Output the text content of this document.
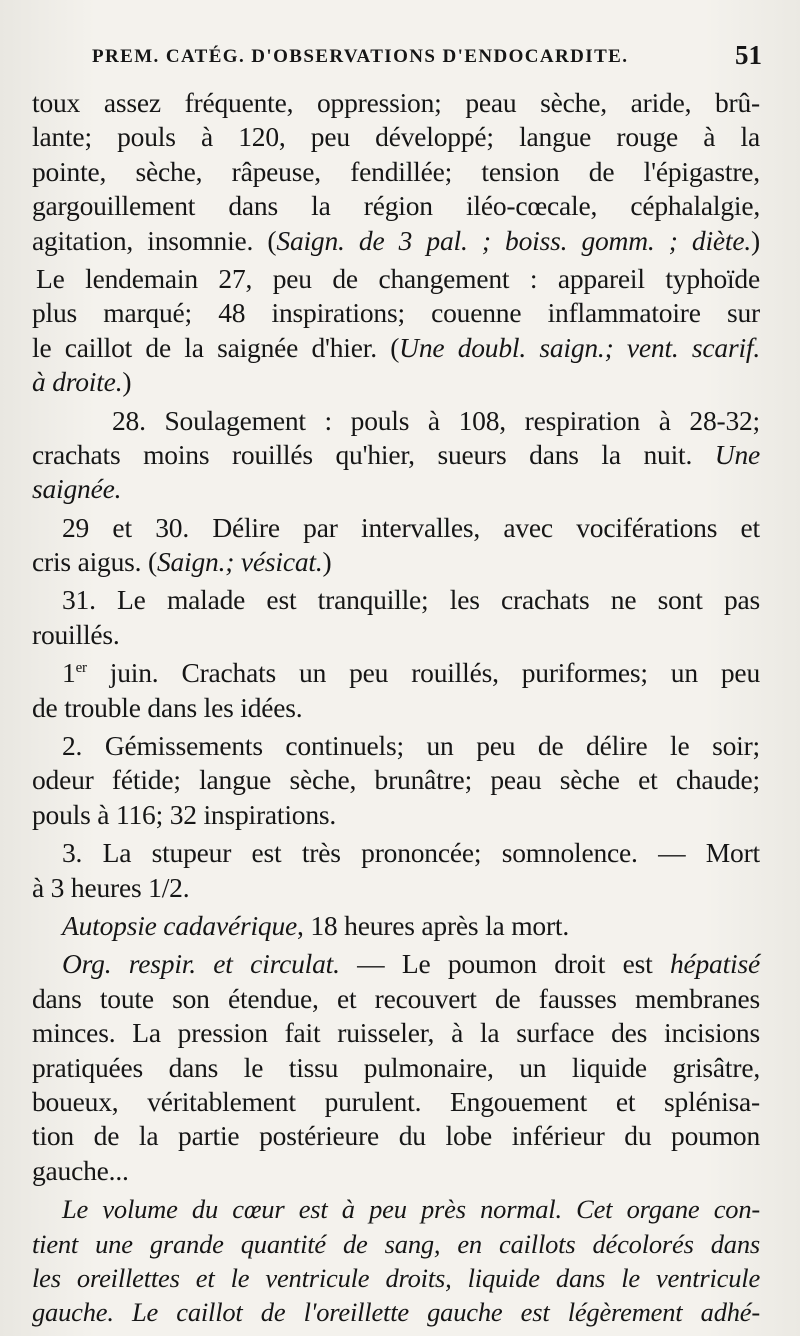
PREM. CATÉG. D'OBSERVATIONS D'ENDOCARDITE.	51
toux assez fréquente, oppression; peau sèche, aride, brû-
lante; pouls à 120, peu développé; langue rouge à la
pointe, sèche, râpeuse, fendillée; tension de l'épigastre,
gargouillement dans la région iléo-cœcale, céphalalgie,
agitation, insomnie. (Saign. de 3 pal. ; boiss. gomm. ; diète.)
Le lendemain 27, peu de changement : appareil typhoïde
plus marqué; 48 inspirations; couenne inflammatoire sur
le caillot de la saignée d'hier. (Une doubl. saign.; vent. scarif.
à droite.)
28. Soulagement : pouls à 108, respiration à 28-32;
crachats moins rouillés qu'hier, sueurs dans la nuit. Une
saignée.
29 et 30. Délire par intervalles, avec vociférations et
cris aigus. (Saign.; vésicat.)
31. Le malade est tranquille; les crachats ne sont pas
rouillés.
1er juin. Crachats un peu rouillés, puriformes; un peu
de trouble dans les idées.
2. Gémissements continuels; un peu de délire le soir;
odeur fétide; langue sèche, brunâtre; peau sèche et chaude;
pouls à 116; 32 inspirations.
3. La stupeur est très prononcée; somnolence. — Mort
à 3 heures 1/2.
Autopsie cadavérique, 18 heures après la mort.
Org. respir. et circulat. — Le poumon droit est hépatisé
dans toute son étendue, et recouvert de fausses membranes
minces. La pression fait ruisseler, à la surface des incisions
pratiquées dans le tissu pulmonaire, un liquide grisâtre,
boueux, véritablement purulent. Engouement et splénisa-
tion de la partie postérieure du lobe inférieur du poumon
gauche...
Le volume du cœur est à peu près normal. Cet organe con-
tient une grande quantité de sang, en caillots décolorés dans
les oreillettes et le ventricule droits, liquide dans le ventricule
gauche. Le caillot de l'oreillette gauche est légèrement adhé-
